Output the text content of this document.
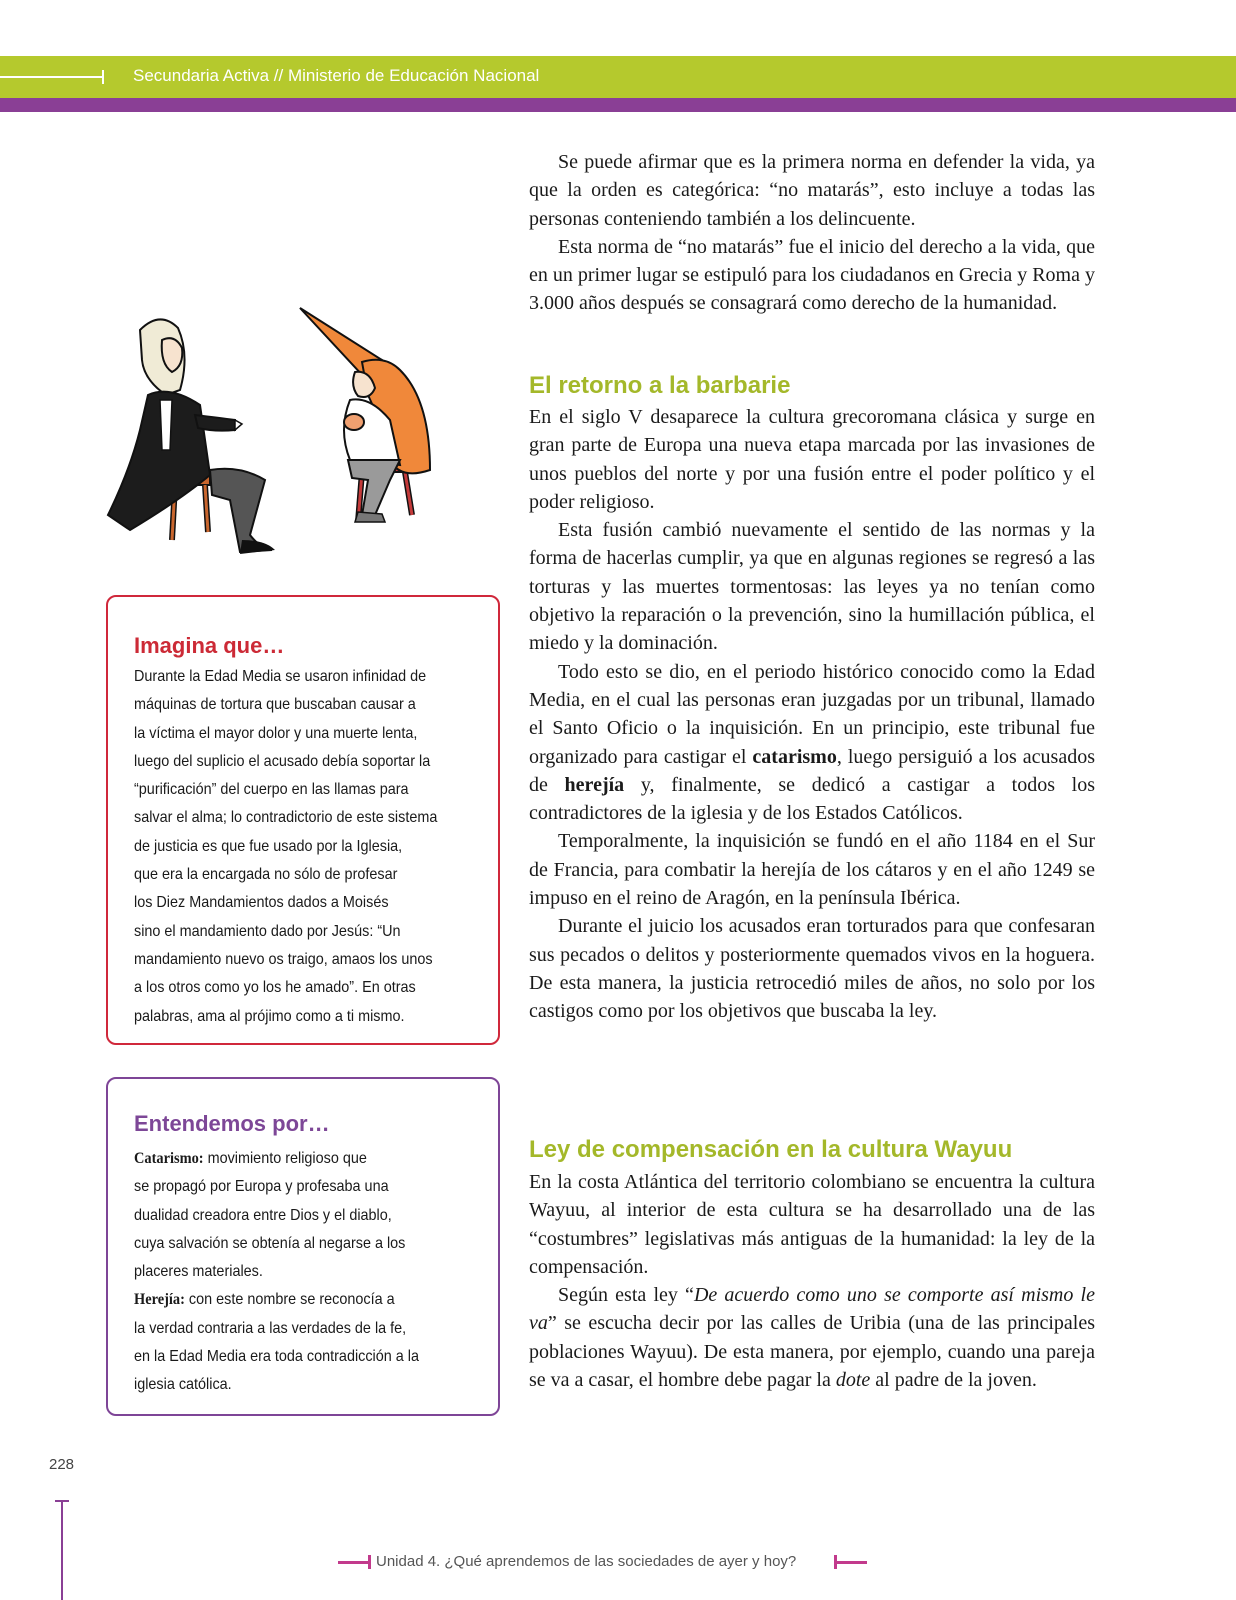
Secundaria Activa // Ministerio de Educación Nacional
Imagina que…
Durante la Edad Media se usaron infinidad de
máquinas de tortura que buscaban causar a
la víctima el mayor dolor y una muerte lenta,
luego del suplicio el acusado debía soportar la
“purificación” del cuerpo en las llamas para
salvar el alma; lo contradictorio de este sistema
de justicia es que fue usado por la Iglesia,
que era la encargada no sólo de profesar
los Diez Mandamientos dados a Moisés
sino el mandamiento dado por Jesús: “Un
mandamiento nuevo os traigo, amaos los unos
a los otros como yo los he amado”. En otras
palabras, ama al prójimo como a ti mismo.
Entendemos por…
Catarismo: movimiento religioso que
se propagó por Europa y profesaba una
dualidad creadora entre Dios y el diablo,
cuya salvación se obtenía al negarse a los
placeres materiales.
Herejía: con este nombre se reconocía a
la verdad contraria a las verdades de la fe,
en la Edad Media era toda contradicción a la
iglesia católica.

Se puede afirmar que es la primera norma en defender la vida, ya que la orden es categórica: “no matarás”, esto incluye a todas las personas conteniendo también a los delincuente.

Esta norma de “no matarás” fue el inicio del derecho a la vida, que en un primer lugar se estipuló para los ciudadanos en Grecia y Roma y 3.000 años después se consagrará como derecho de la humanidad.

El retorno a la barbarie

En el siglo V desaparece la cultura grecoromana clásica y surge en gran parte de Europa una nueva etapa marcada por las invasiones de unos pueblos del norte y por una fusión entre el poder político y el poder religioso.

Esta fusión cambió nuevamente el sentido de las normas y la forma de hacerlas cumplir, ya que en algunas regiones se regresó a las torturas y las muertes tormentosas: las leyes ya no tenían como objetivo la reparación o la prevención, sino la humillación pública, el miedo y la dominación.

Todo esto se dio, en el periodo histórico conocido como la Edad Media, en el cual las personas eran juzgadas por un tribunal, llamado el Santo Oficio o la inquisición. En un principio, este tribunal fue organizado para castigar el catarismo, luego persiguió a los acusados de herejía y, finalmente, se dedicó a castigar a todos los contradictores de la iglesia y de los Estados Católicos.

Temporalmente, la inquisición se fundó en el año 1184 en el Sur de Francia, para combatir la herejía de los cátaros y en el año 1249 se impuso en el reino de Aragón, en la península Ibérica.

Durante el juicio los acusados eran torturados para que confesaran sus pecados o delitos y posteriormente quemados vivos en la hoguera. De esta manera, la justicia retrocedió miles de años, no solo por los castigos como por los objetivos que buscaba la ley.

Ley de compensación en la cultura Wayuu

En la costa Atlántica del territorio colombiano se encuentra la cultura Wayuu, al interior de esta cultura se ha desarrollado una de las “costumbres” legislativas más antiguas de la humanidad: la ley de la compensación.

Según esta ley “De acuerdo como uno se comporte así mismo le va” se escucha decir por las calles de Uribia (una de las principales poblaciones Wayuu). De esta manera, por ejemplo, cuando una pareja se va a casar, el hombre debe pagar la dote al padre de la joven.

228
Unidad 4. ¿Qué aprendemos de las sociedades de ayer y hoy?
